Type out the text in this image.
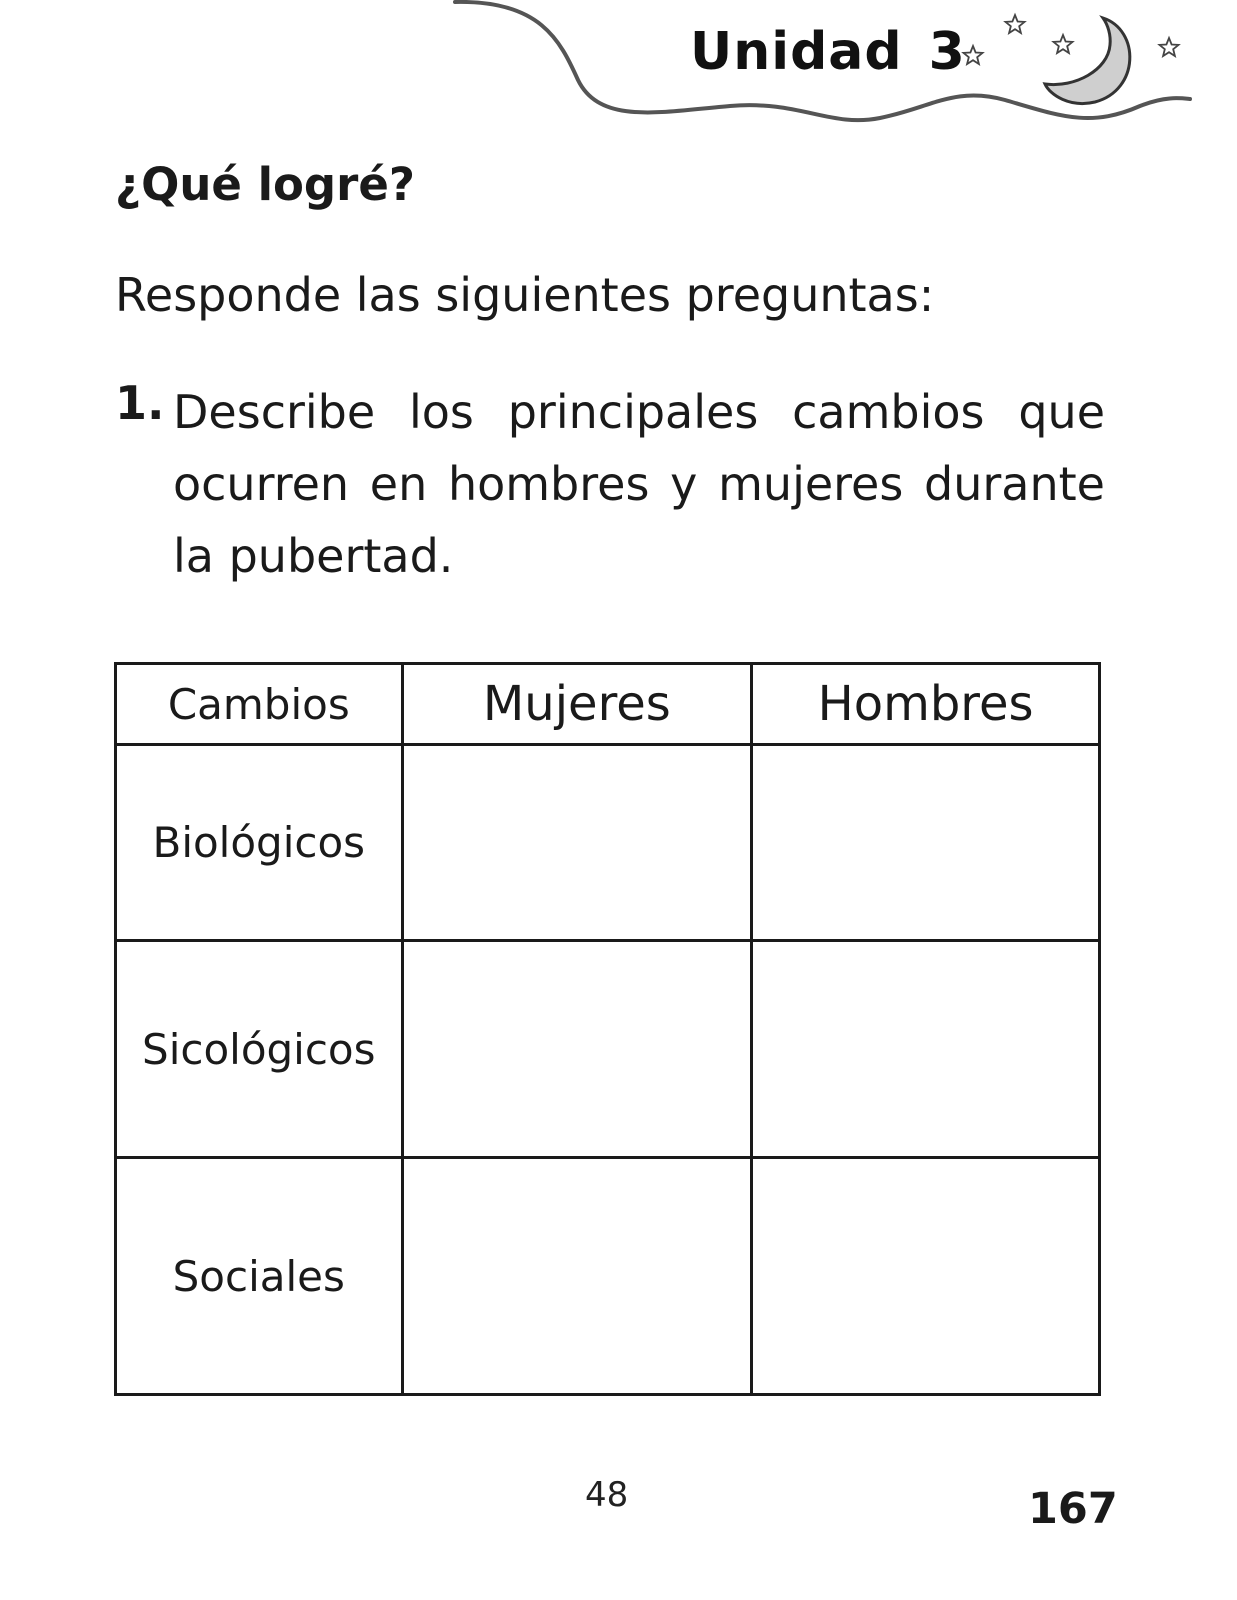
Unidad 3
¿Qué logré?
Responde las siguientes preguntas:
1. Describe los principales cambios que ocurren en hombres y mujeres durante la pubertad.
Cambios	Mujeres	Hombres
Biológicos		
Sicológicos		
Sociales		
48	167
